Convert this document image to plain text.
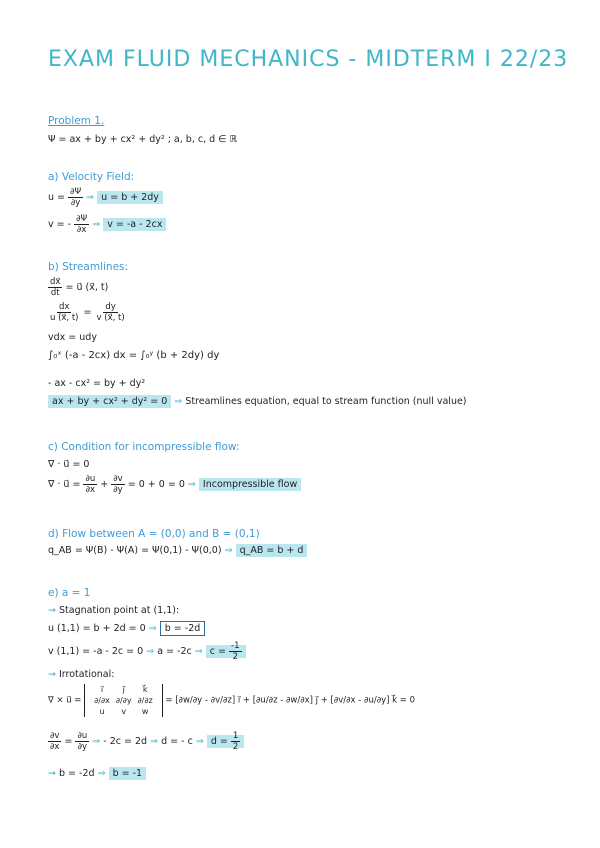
EXAM FLUID MECHANICS - MIDTERM I 22/23
Problem 1.
Ψ = ax + by + cx² + dy² ; a, b, c, d ∈ ℝ
a) Velocity Field:
$u = \frac{\partial\Psi}{\partial y}$ ⇒ u = b + 2dy
v = - $\frac{\partial\Psi}{\partial x}$ ⇒ v = -a - 2cx
b) Streamlines:
$\frac{dx⃗}{dt}$ = u⃗ (x⃗, t)
$\frac{dx}{u (x⃗, t)} = \frac{dy}{v (x⃗, t)}$
vdx = udy
∫₀ˣ (-a - 2cx) dx = ∫₀ʸ (b + 2dy) dy
- ax - cx² = by + dy²
ax + by + cx² + dy² = 0 ⇒ Streamlines equation, equal to stream function (null value)
c) Condition for incompressible flow:
∇ · u⃗ = 0
∇ · u⃗ = $\frac{\partial u}{\partial x} + \frac{\partial v}{\partial y} = 0 + 0 = 0$ ⇒ Incompressible flow
d) Flow between A = (0,0) and B = (0,1)
q_AB = Ψ(B) - Ψ(A) = Ψ(0,1) - Ψ(0,0) ⇒ q_AB = b + d
e) a = 1
⇝ Stagnation point at (1,1):
u (1,1) = b + 2d = 0 ⇒ b = -2d
v (1,1) = -a - 2c = 0 ⇒ a = -2c ⇒ $c = \frac{-1}{2}$
⇝ Irrotational:
∇ × u⃗ =
i⃗	j⃗	k⃗
∂/∂x	∂/∂y	∂/∂z
u	v	w
= [∂w/∂y - ∂v/∂z] i⃗ + [∂u/∂z - ∂w/∂x] j⃗ + [∂v/∂x - ∂u/∂y] k⃗ = 0
$\frac{\partial v}{\partial x} = \frac{\partial u}{\partial y}$ ⇒ - 2c = 2d ⇒ d = - c ⇒ $d = \frac{1}{2}$
⇝ b = -2d ⇒ b = -1
